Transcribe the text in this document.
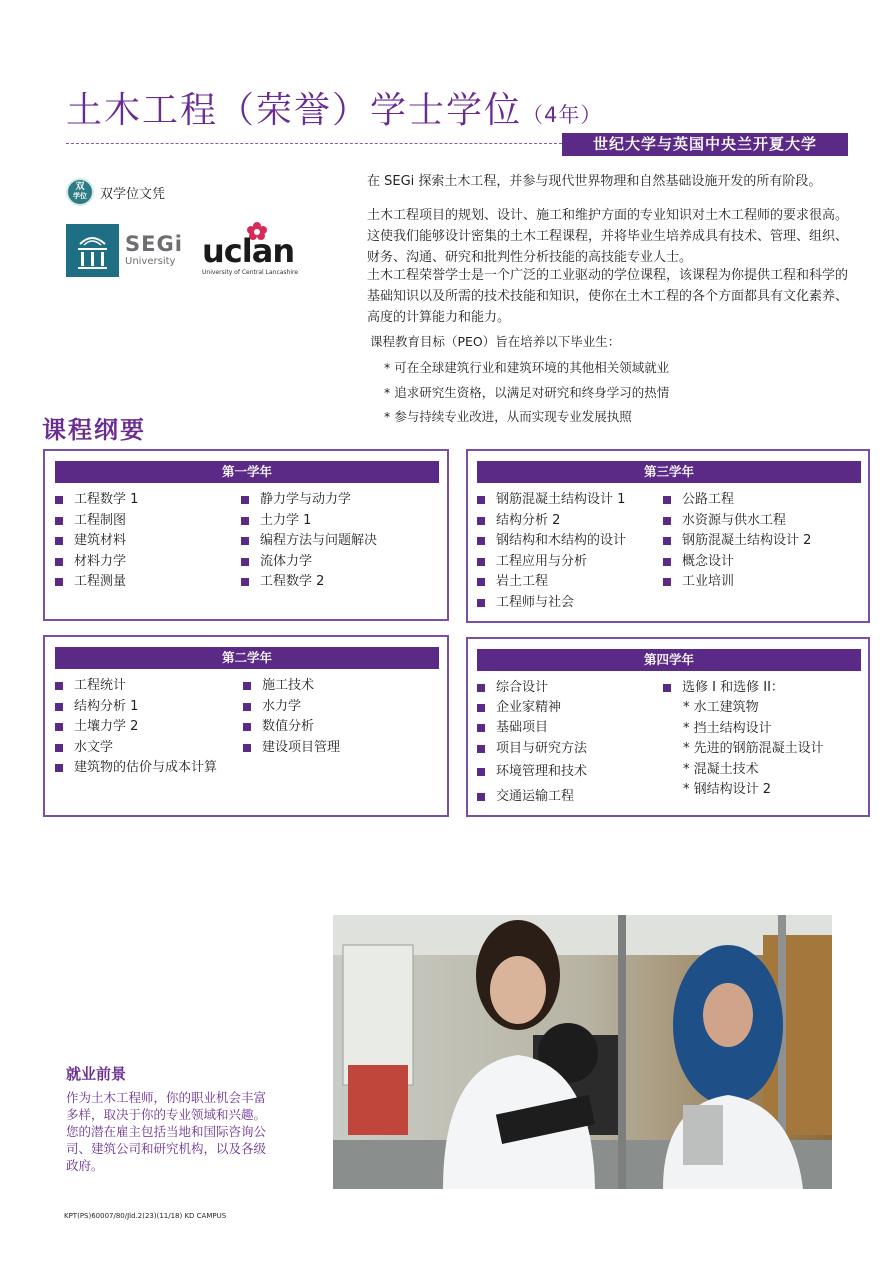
土木工程（荣誉）学士学位（4年）
世纪大学与英国中央兰开夏大学
双
学位 双学位文凭
SEGi
University uclan
University of Central Lancashire

在 SEGi 探索土木工程，并参与现代世界物理和自然基础设施开发的所有阶段。

土木工程项目的规划、设计、施工和维护方面的专业知识对土木工程师的要求很高。这使我们能够设计密集的土木工程课程，并将毕业生培养成具有技术、管理、组织、财务、沟通、研究和批判性分析技能的高技能专业人士。

土木工程荣誉学士是一个广泛的工业驱动的学位课程，该课程为你提供工程和科学的基础知识以及所需的技术技能和知识，使你在土木工程的各个方面都具有文化素养、高度的计算能力和能力。

课程教育目标（PEO）旨在培养以下毕业生：
* 可在全球建筑行业和建筑环境的其他相关领域就业
* 追求研究生资格，以满足对研究和终身学习的热情
* 参与持续专业改进，从而实现专业发展执照
课程纲要
第一学年
工程数学 1
工程制图
建筑材料
材料力学
工程测量
静力学与动力学
土力学 1
编程方法与问题解决
流体力学
工程数学 2
第三学年
钢筋混凝土结构设计 1
结构分析 2
钢结构和木结构的设计
工程应用与分析
岩土工程
工程师与社会
公路工程
水资源与供水工程
钢筋混凝土结构设计 2
概念设计
工业培训
第二学年
工程统计
结构分析 1
土壤力学 2
水文学
建筑物的估价与成本计算
施工技术
水力学
数值分析
建设项目管理
第四学年
综合设计
企业家精神
基础项目
项目与研究方法
环境管理和技术
交通运输工程
选修 I 和选修 II：
* 水工建筑物
* 挡土结构设计
* 先进的钢筋混凝土设计
* 混凝土技术
* 钢结构设计 2
就业前景

作为土木工程师，你的职业机会丰富多样，取决于你的专业领域和兴趣。您的潜在雇主包括当地和国际咨询公司、建筑公司和研究机构，以及各级政府。

KPT(PS)60007/80/Jld.2(23)(11/18) KD CAMPUS
